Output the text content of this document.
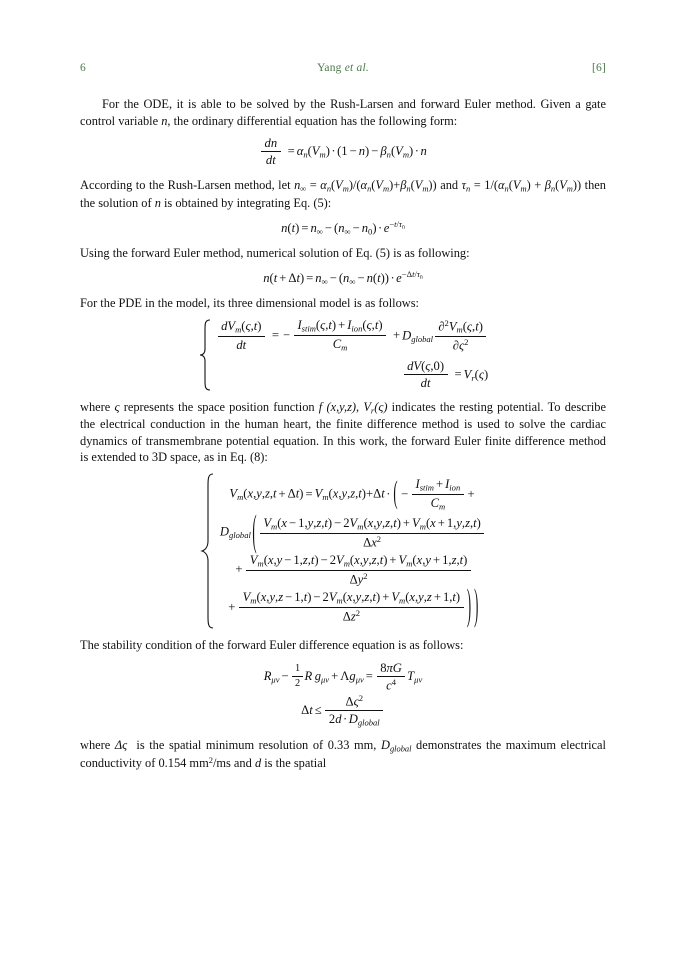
6	Yang et al.	[6]

For the ODE, it is able to be solved by the Rush-Larsen and forward Euler method. Given a gate control variable n, the ordinary differential equation has the following form:

$\frac{dn}{dt} = \alpha_n(V_m) \cdot (1 - n) - \beta_n(V_m) \cdot n$

According to the Rush-Larsen method, let $n\infty = \alpha_n(V_m)/(\alpha_n(V_m)+\beta_n(V_m))$ and $\tau_n = 1/(\alpha_n(V_m) + \beta_n(V_m))$ then the solution of n is obtained by integrating Eq. (5):

$n(t) = n\infty - (n\infty - n0) \cdot e^{-t/\tau n}$

Using the forward Euler method, numerical solution of Eq. (5) is as following:

$n(t + \Delta t) = n\infty - (n\infty - n(t)) \cdot e^{-\Delta t/\tau n}$

For the PDE in the model, its three dimensional model is as follows:

$\frac{dV_m(\varsigma,t)}{dt}$ = − $\frac{I_{stim}(\varsigma,t) + I_{ion}(\varsigma,t)}{C_m} + D_{global} \frac{\partial^2V_m(\varsigma,t)}{\partial\varsigma^2}$
$\frac{dV(\varsigma,0)}{dt} = V_r(\varsigma)$

where ς represents the space position function f (x,y,z), $V_r(\varsigma)$ indicates the resting potential. To describe the electrical conduction in the human heart, the finite difference method is used to solve the cardiac dynamics of transmembrane potential equation. In this work, the forward Euler finite difference method is extended to 3D space, as in Eq. (8):

$V_m(x,y,z,t + \Delta t) = V_m(x,y,z,t)+\Delta t$ · ( − $\frac{I_{stim} + I_{ion}}{C_m}$ +
$D_{global}$ ( $\frac{V_m(x - 1,y,z,t) - 2V_m(x,y,z,t) + V_m(x + 1,y,z,t)}{\Delta x^2}$
+ $\frac{V_m(x,y - 1,z,t) - 2V_m(x,y,z,t) + V_m(x,y + 1,z,t)}{\Delta y^2}$
+ $\frac{V_m(x,y,z - 1,t) - 2V_m(x,y,z,t) + V_m(x,y,z + 1,t)}{\Delta z^2}$ ) )

The stability condition of the forward Euler difference equation is as follows:

$R_{\mu\nu} - \frac{1}{2}$ R  $g_{\mu\nu} + \Lambda g_{\mu\nu} = \frac{8\pi G}{c^4} T_{\mu\nu}$
$\Delta t \le \frac{\Delta\varsigma^2}{2d \cdot D_{global}}$

where Δς  is the spatial minimum resolution of 0.33 mm, $D_{global}$ demonstrates the maximum electrical conductivity of 0.154 $mm^2/ms$ and d is the spatial
